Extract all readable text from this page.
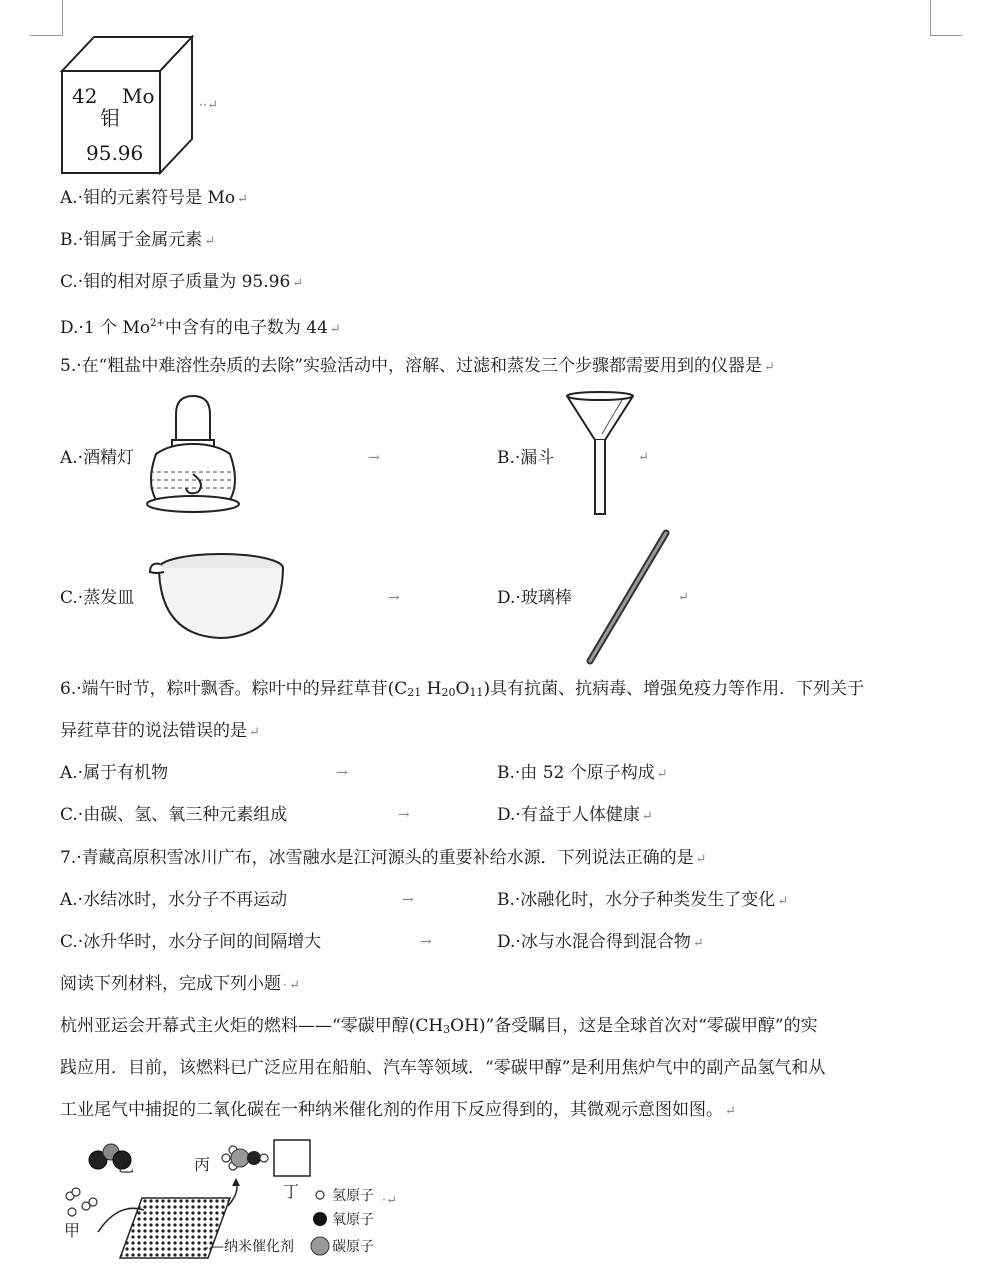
42 Mo
钼
95.96
··↵
A.·钼的元素符号是 Mo ↵
B.·钼属于金属元素 ↵
C.·钼的相对原子质量为 95.96 ↵
D.·1 个 $Mo^{2+}$中含有的电子数为 44 ↵
5.·在“粗盐中难溶性杂质的去除”实验活动中，溶解、过滤和蒸发三个步骤都需要用到的仪器是 ↵
A.·酒精灯	→	B.·漏斗	↵
C.·蒸发皿	→	D.·玻璃棒	↵
6.·端午时节，粽叶飘香。粽叶中的异荭草苷(C21 H20O11)具有抗菌、抗病毒、增强免疫力等作用．下列关于
异荭草苷的说法错误的是 ↵
A.·属于有机物	→	B.·由 52 个原子构成 ↵
C.·由碳、氢、氧三种元素组成	→	D.·有益于人体健康 ↵
7.·青藏高原积雪冰川广布，冰雪融水是江河源头的重要补给水源．下列说法正确的是 ↵
A.·水结冰时，水分子不再运动	→	B.·冰融化时，水分子种类发生了变化 ↵
C.·冰升华时，水分子间的间隔增大	→	D.·冰与水混合得到混合物 ↵
阅读下列材料，完成下列小题 · ↵
杭州亚运会开幕式主火炬的燃料——“零碳甲醇(CH3OH)”备受瞩目，这是全球首次对“零碳甲醇”的实
践应用．目前，该燃料已广泛应用在船舶、汽车等领域．“零碳甲醇”是利用焦炉气中的副产品氢气和从
工业尾气中捕捉的二氧化碳在一种纳米催化剂的作用下反应得到的，其微观示意图如图。 ↵
乙	丙
丁
甲
—纳米催化剂
氢原子
氧原子
碳原子
·↵
